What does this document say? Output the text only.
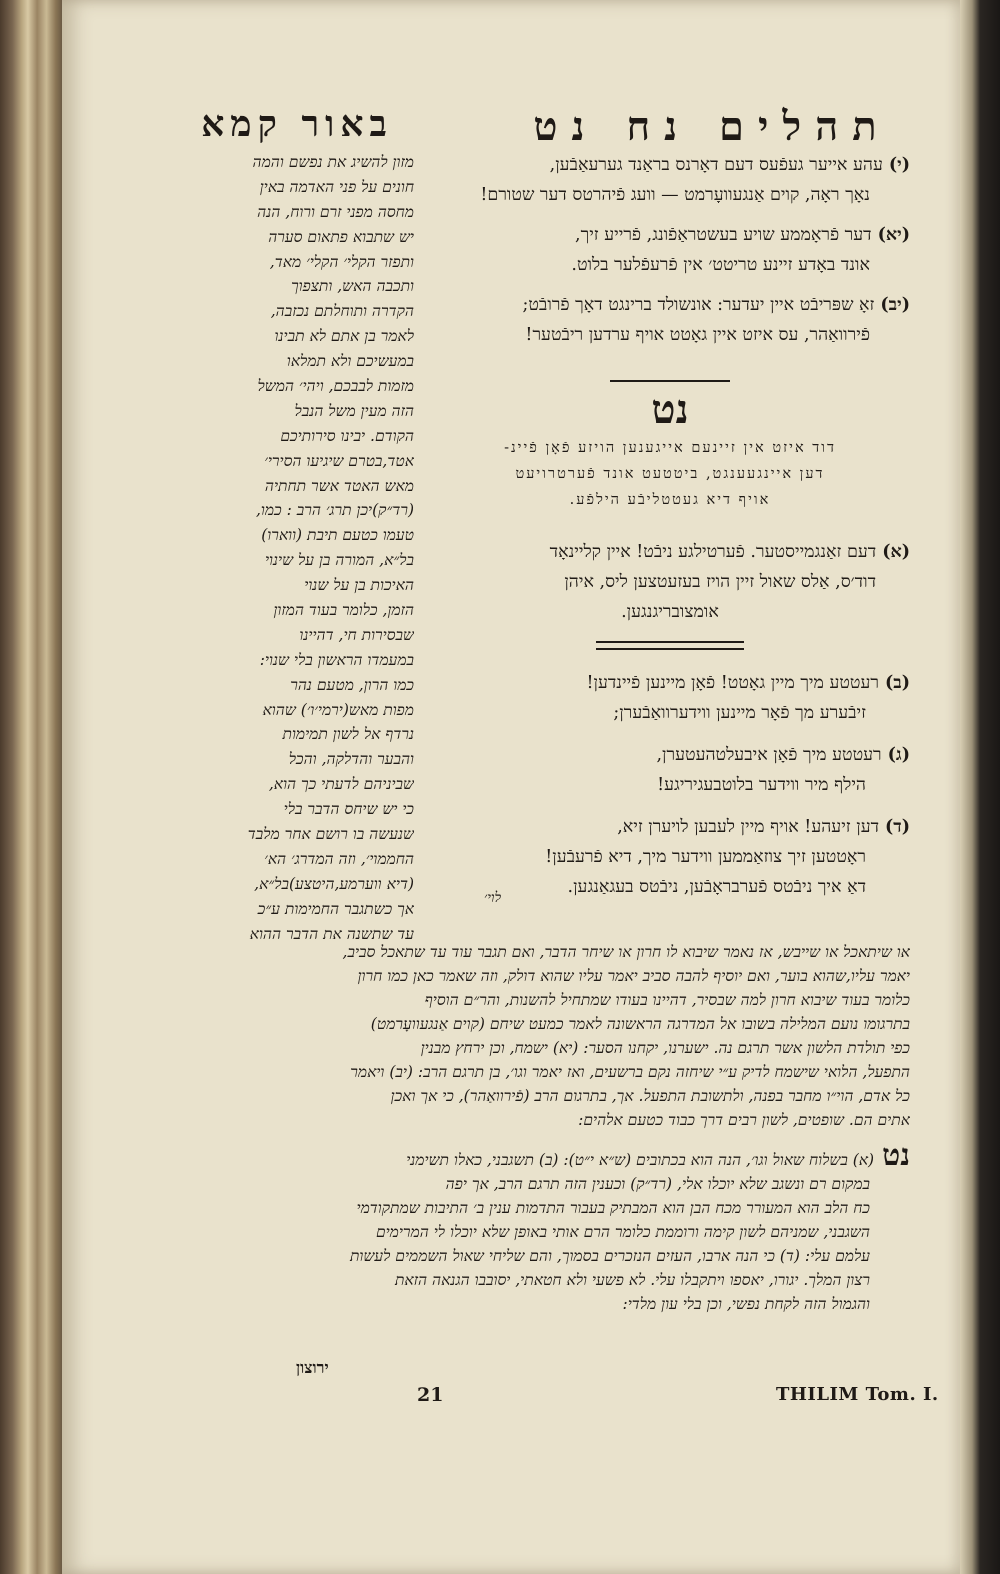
תהלים נח נט
באור קמא
מזון להשיג את נפשם והמה
חונים על פני האדמה באין
מחסה מפני זרם ורוח, הנה
יש שתבוא פתאום סערה
ותפזר הקלי׳ הקלי׳ מאד,
ותכבה האש, ותצפוך
הקדרה ותוחלתם נכזבה,
לאמר בן אתם לא תבינו
במעשיכם ולא תמלאו
מזמות לבבכם, ויהי׳ המשל
הזה מעין משל הנבל
הקודם. יבינו סירותיכם
אטד,בטרם שיגיעו הסירי׳
מאש האטד אשר תחתיה
(רד״ק)יכן תרג׳ הרב : כמו,
טעמו כטעם תיבת (ווארו)
בל״א, המורה בן על שינוי
האיכות בן על שנוי
הזמן, כלומר בעוד המזון
שבסירות חי, דהיינו
במעמדו הראשון בלי שנוי:
כמו הרון, מטעם נהר
מפות מאש(ירמי׳ו׳) שהוא
נרדף אל לשון תמימות
והבער והדלקה, והכל
שביניהם לדעתי כך הוא,
כי יש שיחס הדבר בלי
שנעשה בו רושם אחר מלבד
החממוי׳, וזה המדרג׳ הא׳
(דיא ווערמע,היטצע)בל״א,
אך כשתגבר החמימות ע״כ
עד שתשנה את הדבר ההוא
(י)עהע אייער געפֿעס דעם דאָרנס בראַנד גערעאַבֿען,
נאָך ראָה, קוים אַנגעוועָרמט — וועג פֿיהרטס דער שטורם!
(יא)דער פֿראָממע שויע בעשטראַפֿונג, פֿרייע זיך,
אונד באָדע זיינע טריטט׳ אין פֿרעפֿלער בלוט.
(יב)זאָ שפּריבֿט איין יעדער: אונשולד ברינגט דאָך פֿרובֿט;
פֿירוואַהר, עס איזט איין גאָטט אויף ערדען ריבֿטער!
נט
דוד איזט אין זיינעם אייגענען הויזע פֿאָן פֿיינ-
דען איינגעענגט, ביטטעט אונד פֿערטרויעט
אויף דיא געטטליבֿע הילפֿע.
(א)דעם זאַנגמייסטער. פֿערטילגע ניבֿט! איין קליינאָד
דוד׳ס, אַלס שאול זיין הויז בעזעטצען ליס, איהן
אומצובריגנגען.
(ב)רעטטע מיך מיין גאָטט! פֿאָן מיינען פֿיינדען!
זיבֿערע מך פֿאָר מיינען ווידערוואַבֿערן;
(ג)רעטטע מיך פֿאָן איבעלטהעטערן,
הילף מיר ווידער בלוטבעגיריגע!
(ד)דען זיעהע! אויף מיין לעבען לויערן זיא,
ראָטטען זיך צוזאַממען ווידער מיך, דיא פֿרעבֿען!
דאַ איך ניבֿטס פֿערבראָבֿען, ניבֿטס בעגאַנגען.
לוי׳
או שיתאכל או שייבש, אז נאמר שיבוא לו חרון או שיחר הדבר, ואם תגבר עוד עד שתאכל סביב,
יאמר עליו,שהוא בוער, ואם יוסיף להבה סביב יאמר עליו שהוא דולק, וזה שאמר כאן כמו חרון
כלומר בעוד שיבוא חרון למה שבסיר, דהיינו בעודו שמתחיל להשנות, והר״ם הוסיף
בתרגומו נועם המלילה בשובו אל המדרגה הראשונה לאמר כמעט שיחם (קוים אַנגעוועָרמט)
כפי תולדת הלשון אשר תרגם נה. ישערנו, יקחנו הסער: (יא) ישמח, וכן ירחץ מבנין
התפעל, הלואי שישמח לדיק ע״י שיחזה נקם ברשעים, ואז יאמר וגו׳, בן תרגם הרב: (יב) ויאמר
כל אדם, הוי״ו מחבר בפנה, ולתשובת התפעל. אך, בתרגום הרב (פֿירוואַהר), כי אך ואכן
אתים הם. שופטים, לשון רבים דרך כבוד כטעם אלהים:
נט(א) בשלוח שאול וגו׳, הנה הוא בכתובים (ש״א י״ט): (ב) תשגבני, כאלו תשימני
במקום רם ונשגב שלא יוכלו אלי, (רד״ק) וכענין הזה תרגם הרב, אך יפה
כח הלב הוא המעורר מכח הבן הוא המבתיק בעבור התדמות ענין ב׳ התיבות שמתקודמי
השגבני, שמניהם לשון קימה ורוממת כלומר הרם אותי באופן שלא יוכלו לי המרימים
עלמם עלי: (ד) כי הנה ארבו, העזים הנזכרים בסמוך, והם שליחי שאול השממים לעשות
רצון המלך. יגורו, יאספו ויתקבלו עלי. לא פשעי ולא חטאתי, יסובבו הגנאה הזאת
והגמול הזה לקחת נפשי, וכן בלי עון מלדי:
ירוצון
21	THILIM Tom. I.
